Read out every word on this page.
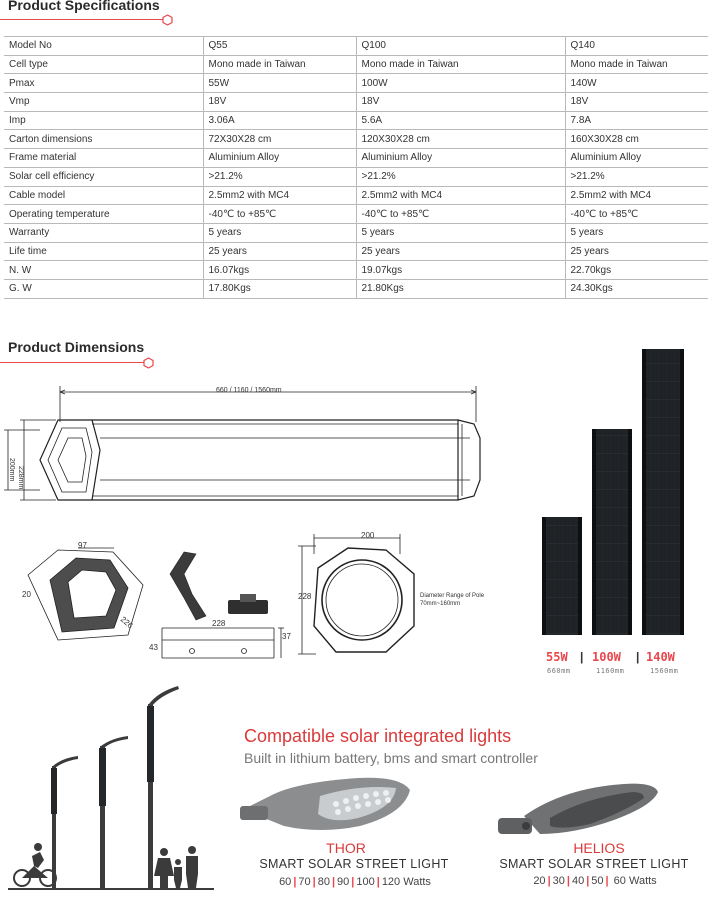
Product Specifications
Model No	Q55	Q100	Q140
Cell type	Mono made in Taiwan	Mono made in Taiwan	Mono made in Taiwan
Pmax	55W	100W	140W
Vmp	18V	18V	18V
Imp	3.06A	5.6A	7.8A
Carton dimensions	72X30X28 cm	120X30X28 cm	160X30X28 cm
Frame material	Aluminium Alloy	Aluminium Alloy	Aluminium Alloy
Solar cell efficiency	>21.2%	>21.2%	>21.2%
Cable model	2.5mm2 with MC4	2.5mm2 with MC4	2.5mm2 with MC4
Operating temperature	-40℃ to +85℃	-40℃ to +85℃	-40℃ to +85℃
Warranty	5 years	5 years	5 years
Life time	25 years	25 years	25 years
N. W	16.07kgs	19.07kgs	22.70kgs
G. W	17.80Kgs	21.80Kgs	24.30Kgs
Product Dimensions
660 / 1160 / 1560mm
228mm
200mm
97
20
226	228
37
43
200
228	Diameter Range of Pole
70mm~160mm
55W | 100W | 140W
660mm	1160mm	1560mm
Compatible solar integrated lights
Built in lithium battery, bms and smart controller
THOR
SMART SOLAR STREET LIGHT
60 | 70 | 80 | 90 | 100 | 120 Watts
HELIOS
SMART SOLAR STREET LIGHT
20 | 30 | 40 | 50 | 60 Watts
